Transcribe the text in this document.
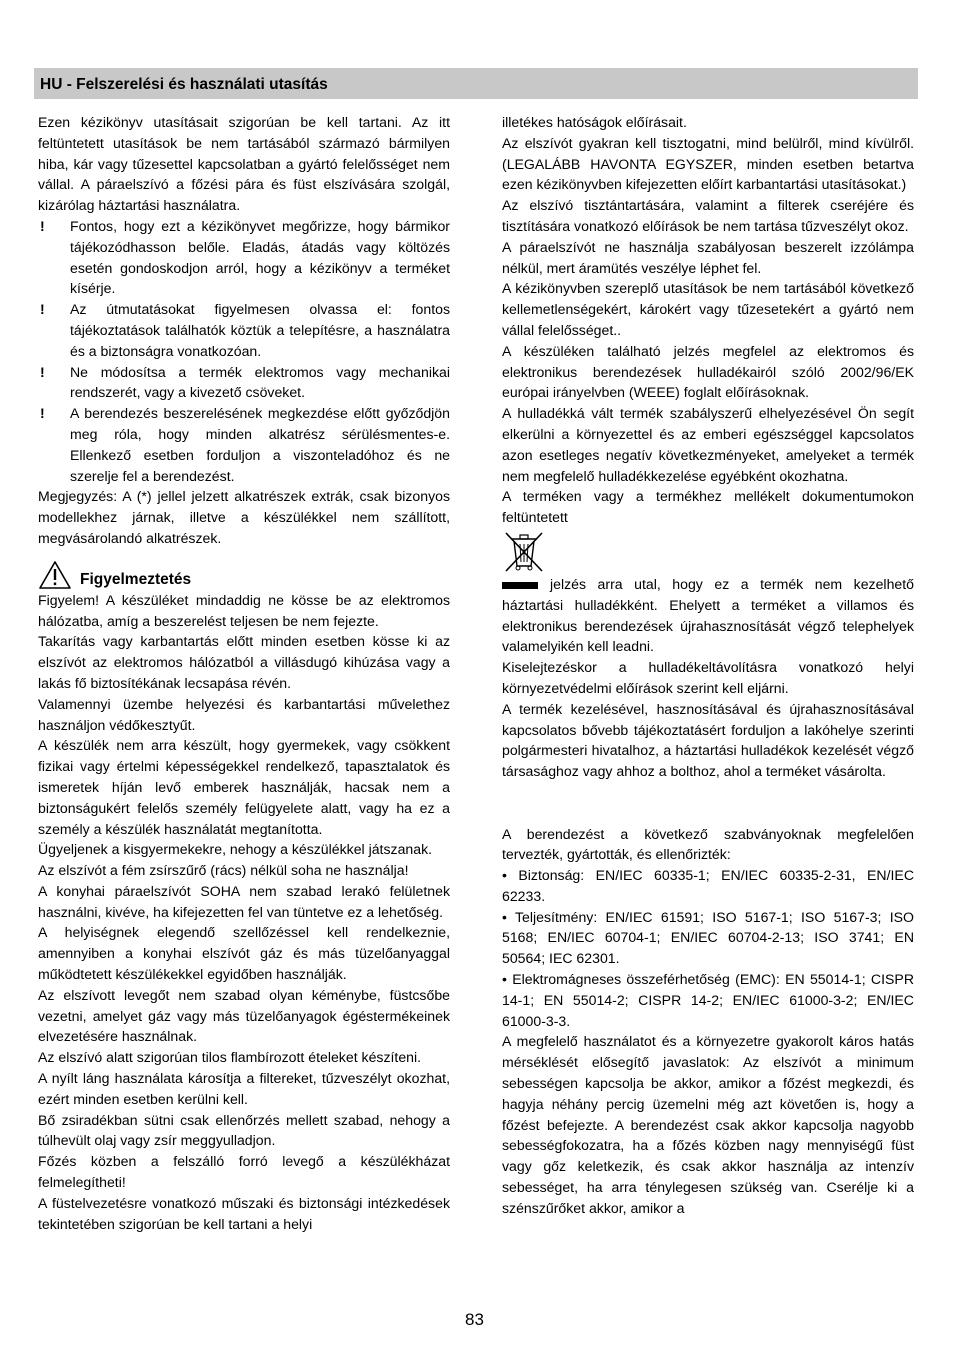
HU - Felszerelési és használati utasítás

Ezen kézikönyv utasításait szigorúan be kell tartani. Az itt feltüntetett utasítások be nem tartásából származó bármilyen hiba, kár vagy tűzesettel kapcsolatban a gyártó felelősséget nem vállal. A páraelszívó a főzési pára és füst elszívására szolgál, kizárólag háztartási használatra.

!	Fontos, hogy ezt a kézikönyvet megőrizze, hogy bármikor tájékozódhasson belőle. Eladás, átadás vagy költözés esetén gondoskodjon arról, hogy a kézikönyv a terméket kísérje.
!	Az útmutatásokat figyelmesen olvassa el: fontos tájékoztatások találhatók köztük a telepítésre, a használatra és a biztonságra vonatkozóan.
!	Ne módosítsa a termék elektromos vagy mechanikai rendszerét, vagy a kivezető csöveket.
!	A berendezés beszerelésének megkezdése előtt győződjön meg róla, hogy minden alkatrész sérülésmentes-e. Ellenkező esetben forduljon a viszonteladóhoz és ne szerelje fel a berendezést.

Megjegyzés: A (*) jellel jelzett alkatrészek extrák, csak bizonyos modellekhez járnak, illetve a készülékkel nem szállított, megvásárolandó alkatrészek.

Figyelmeztetés

Figyelem! A készüléket mindaddig ne kösse be az elektromos hálózatba, amíg a beszerelést teljesen be nem fejezte.

Takarítás vagy karbantartás előtt minden esetben kösse ki az elszívót az elektromos hálózatból a villásdugó kihúzása vagy a lakás fő biztosítékának lecsapása révén.

Valamennyi üzembe helyezési és karbantartási művelethez használjon védőkesztyűt.

A készülék nem arra készült, hogy gyermekek, vagy csökkent fizikai vagy értelmi képességekkel rendelkező, tapasztalatok és ismeretek híján levő emberek használják, hacsak nem a biztonságukért felelős személy felügyelete alatt, vagy ha ez a személy a készülék használatát megtanította.

Ügyeljenek a kisgyermekekre, nehogy a készülékkel játszanak.

Az elszívót a fém zsírszűrő (rács) nélkül soha ne használja!

A konyhai páraelszívót SOHA nem szabad lerakó felületnek használni, kivéve, ha kifejezetten fel van tüntetve ez a lehetőség.

A helyiségnek elegendő szellőzéssel kell rendelkeznie, amennyiben a konyhai elszívót gáz és más tüzelőanyaggal működtetett készülékekkel egyidőben használják.

Az elszívott levegőt nem szabad olyan kéménybe, füstcsőbe vezetni, amelyet gáz vagy más tüzelőanyagok égéstermékeinek elvezetésére használnak.

Az elszívó alatt szigorúan tilos flambírozott ételeket készíteni.

A nyílt láng használata károsítja a filtereket, tűzveszélyt okozhat, ezért minden esetben kerülni kell.

Bő zsiradékban sütni csak ellenőrzés mellett szabad, nehogy a túlhevült olaj vagy zsír meggyulladjon.

Főzés közben a felszálló forró levegő a készülékházat felmelegítheti!

A füstelvezetésre vonatkozó műszaki és biztonsági intézkedések tekintetében szigorúan be kell tartani a helyi

illetékes hatóságok előírásait.

Az elszívót gyakran kell tisztogatni, mind belülről, mind kívülről. (LEGALÁBB HAVONTA EGYSZER, minden esetben betartva ezen kézikönyvben kifejezetten előírt karbantartási utasításokat.)

Az elszívó tisztántartására, valamint a filterek cseréjére és tisztítására vonatkozó előírások be nem tartása tűzveszélyt okoz.

A páraelszívót ne használja szabályosan beszerelt izzólámpa nélkül, mert áramütés veszélye léphet fel.

A kézikönyvben szereplő utasítások be nem tartásából következő kellemetlenségekért, károkért vagy tűzesetekért a gyártó nem vállal felelősséget..

A készüléken található jelzés megfelel az elektromos és elektronikus berendezések hulladékairól szóló 2002/96/EK európai irányelvben (WEEE) foglalt előírásoknak.

A hulladékká vált termék szabályszerű elhelyezésével Ön segít elkerülni a környezettel és az emberi egészséggel kapcsolatos azon esetleges negatív következményeket, amelyeket a termék nem megfelelő hulladékkezelése egyébként okozhatna.

A terméken vagy a termékhez mellékelt dokumentumokon feltüntetett

jelzés arra utal, hogy ez a termék nem kezelhető háztartási hulladékként. Ehelyett a terméket a villamos és elektronikus berendezések újrahasznosítását végző telephelyek valamelyikén kell leadni.

Kiselejtezéskor a hulladékeltávolításra vonatkozó helyi környezetvédelmi előírások szerint kell eljárni.

A termék kezelésével, hasznosításával és újrahasznosításával kapcsolatos bővebb tájékoztatásért forduljon a lakóhelye szerinti polgármesteri hivatalhoz, a háztartási hulladékok kezelését végző társasághoz vagy ahhoz a bolthoz, ahol a terméket vásárolta.

A berendezést a következő szabványoknak megfelelően tervezték, gyártották, és ellenőrizték:

• Biztonság: EN/IEC 60335-1; EN/IEC 60335-2-31, EN/IEC 62233.

• Teljesítmény: EN/IEC 61591; ISO 5167-1; ISO 5167-3; ISO 5168; EN/IEC 60704-1; EN/IEC 60704-2-13; ISO 3741; EN 50564; IEC 62301.

• Elektromágneses összeférhetőség (EMC): EN 55014-1; CISPR 14-1; EN 55014-2; CISPR 14-2; EN/IEC 61000-3-2; EN/IEC 61000-3-3.

A megfelelő használatot és a környezetre gyakorolt káros hatás mérséklését elősegítő javaslatok: Az elszívót a minimum sebességen kapcsolja be akkor, amikor a főzést megkezdi, és hagyja néhány percig üzemelni még azt követően is, hogy a főzést befejezte. A berendezést csak akkor kapcsolja nagyobb sebességfokozatra, ha a főzés közben nagy mennyiségű füst vagy gőz keletkezik, és csak akkor használja az intenzív sebességet, ha arra ténylegesen szükség van. Cserélje ki a szénszűrőket akkor, amikor a

83
